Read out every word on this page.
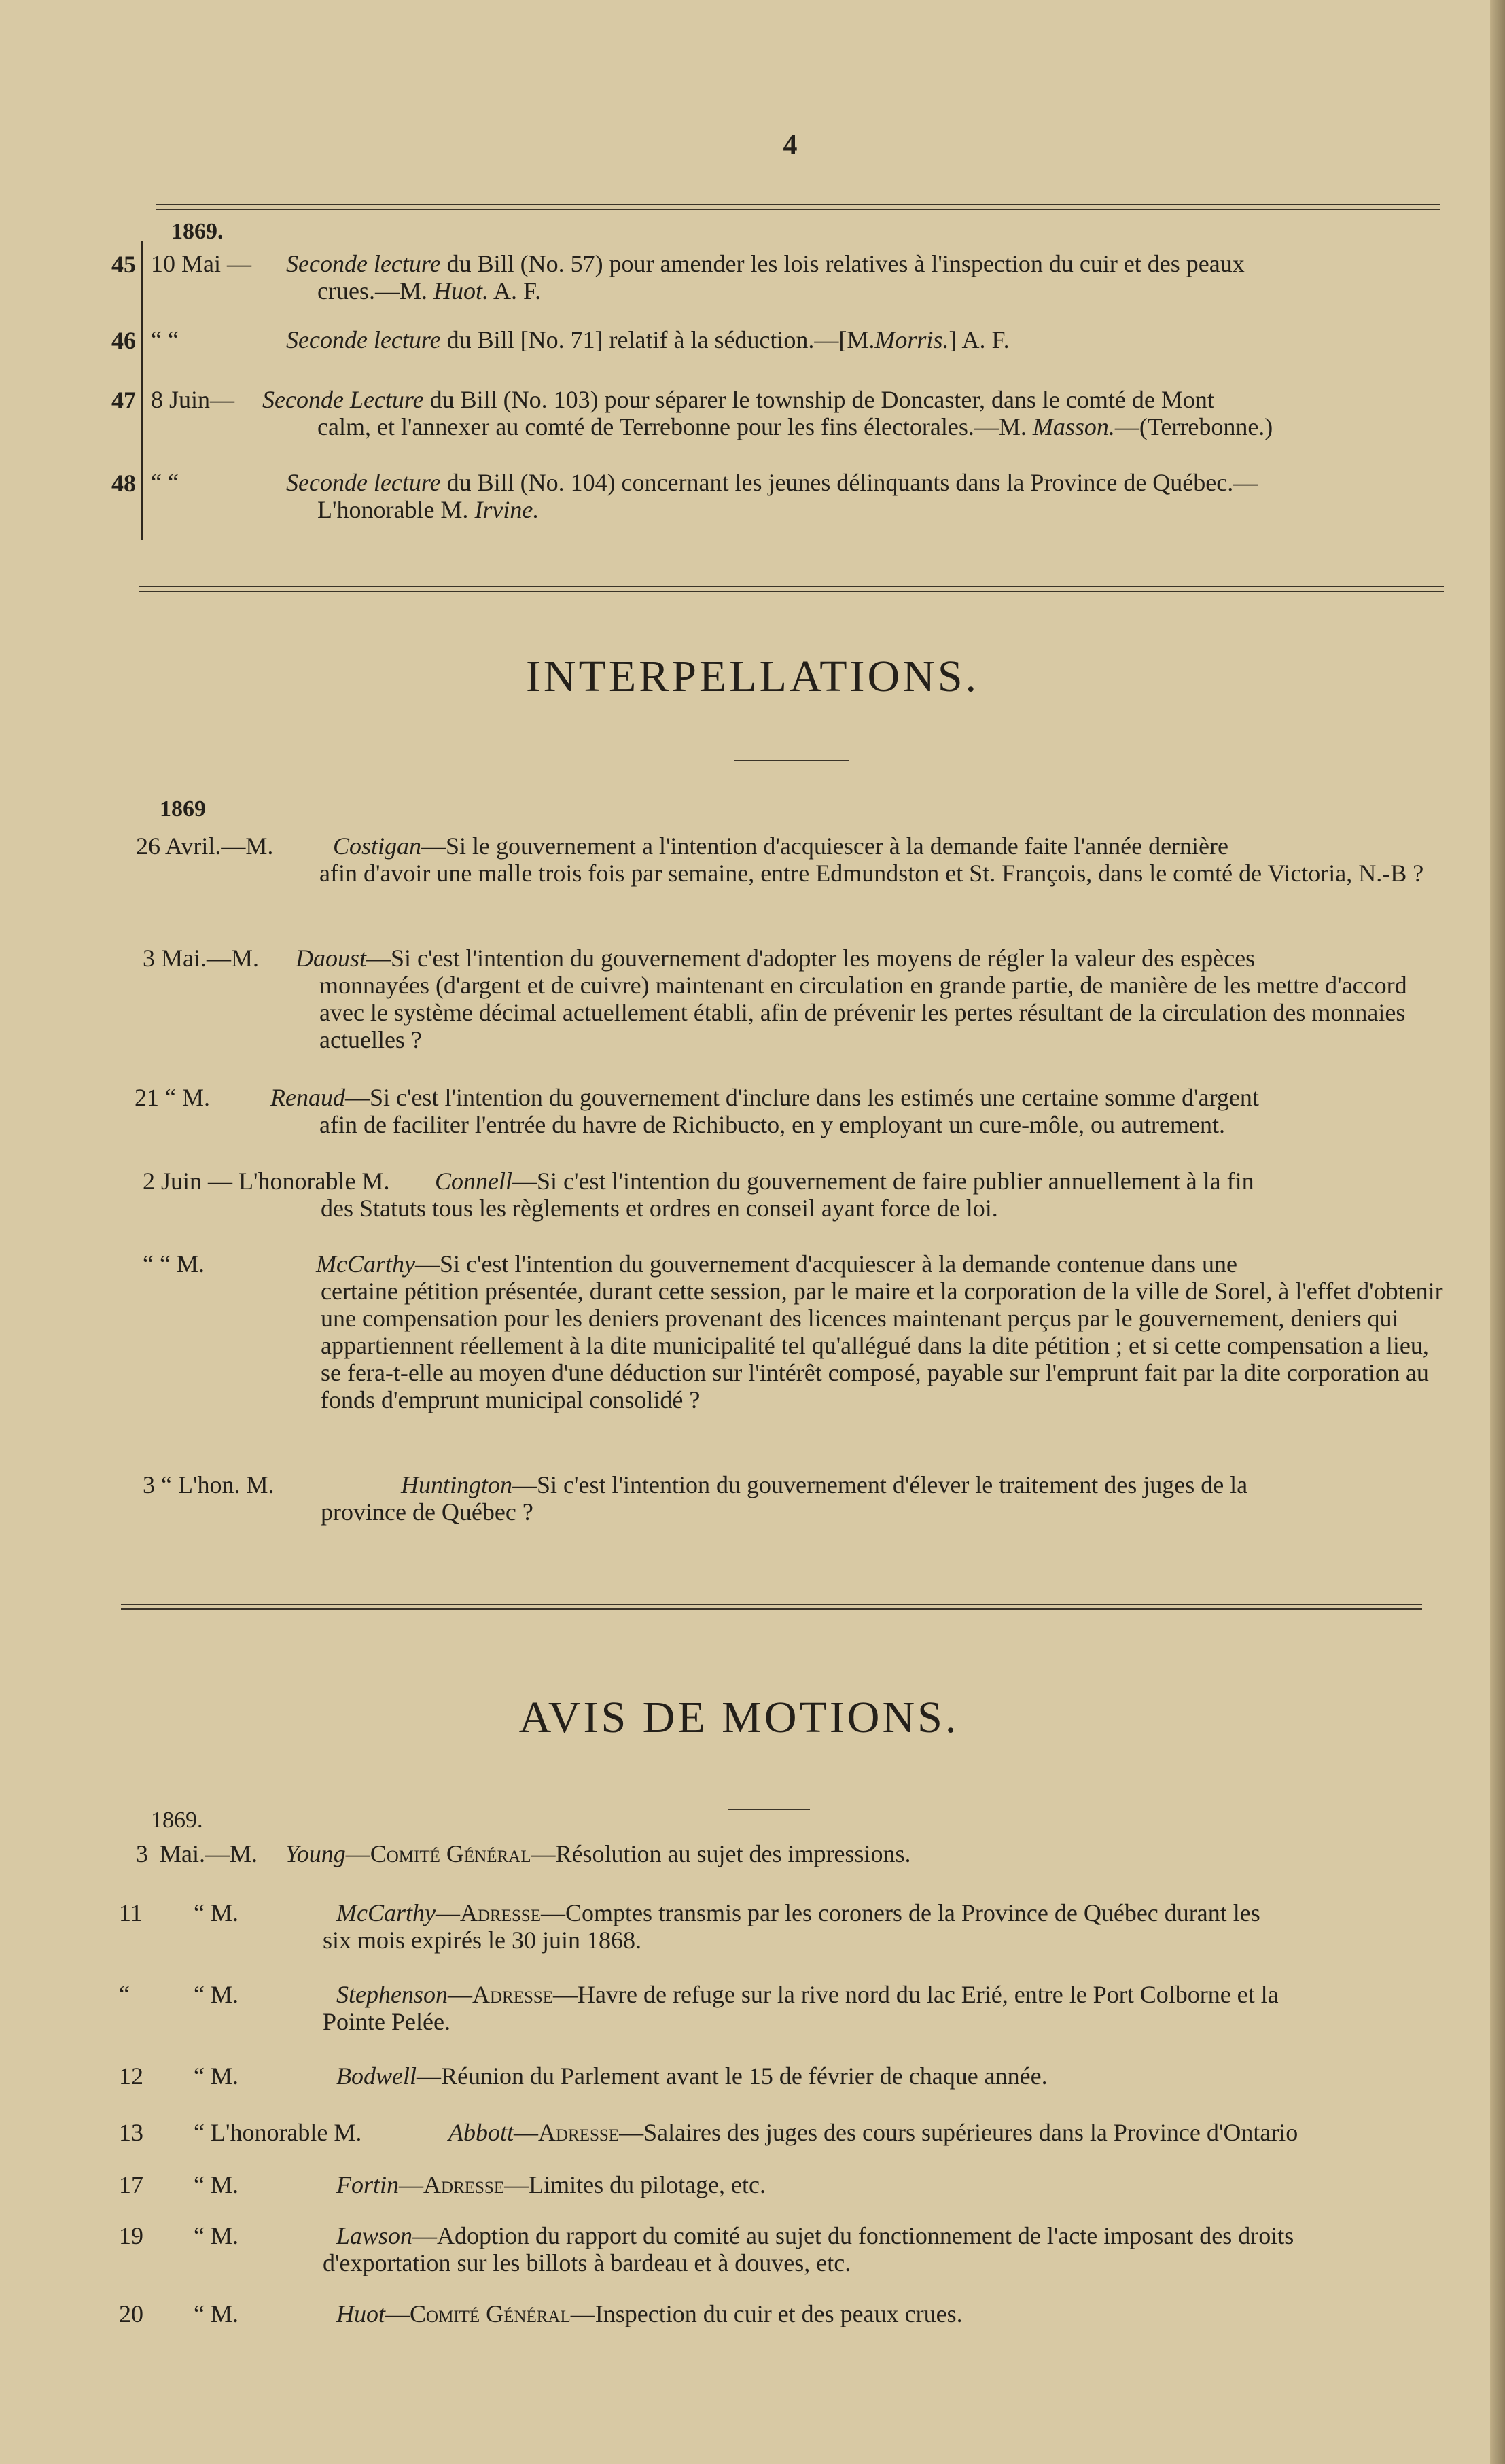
4
1869.
45 10 Mai — Seconde lecture du Bill (No. 57) pour amender les lois relatives à l'inspection du cuir et des peaux
crues.—M. Huot. A. F.
46 “ “	Seconde lecture du Bill [No. 71] relatif à la séduction.—[M.Morris.] A. F.
47 8 Juin— Seconde Lecture du Bill (No. 103) pour séparer le township de Doncaster, dans le comté de Mont
calm, et l'annexer au comté de Terrebonne pour les fins électorales.—M. Masson.—(Terrebonne.)
48 “ “	Seconde lecture du Bill (No. 104) concernant les jeunes délinquants dans la Province de Québec.—
L'honorable M. Irvine.
INTERPELLATIONS.
1869
26 Avril.—M. Costigan—Si le gouvernement a l'intention d'acquiescer à la demande faite l'année dernière
afin d'avoir une malle trois fois par semaine, entre Edmundston et St. François, dans le comté de Victoria, N.-B ?
3 Mai.—M. Daoust—Si c'est l'intention du gouvernement d'adopter les moyens de régler la valeur des espèces
monnayées (d'argent et de cuivre) maintenant en circulation en grande partie, de manière de les mettre d'accord avec le système décimal actuellement établi, afin de prévenir les pertes résultant de la circulation des monnaies actuelles ?
21 “ M. Renaud—Si c'est l'intention du gouvernement d'inclure dans les estimés une certaine somme d'argent
afin de faciliter l'entrée du havre de Richibucto, en y employant un cure-môle, ou autrement.
2 Juin — L'honorable M. Connell—Si c'est l'intention du gouvernement de faire publier annuellement à la fin
des Statuts tous les règlements et ordres en conseil ayant force de loi.
“ “ M.	McCarthy—Si c'est l'intention du gouvernement d'acquiescer à la demande contenue dans une
certaine pétition présentée, durant cette session, par le maire et la corporation de la ville de Sorel, à l'effet d'obtenir une compensation pour les deniers provenant des licences maintenant perçus par le gouvernement, deniers qui appartiennent réellement à la dite municipalité tel qu'allégué dans la dite pétition ; et si cette compensation a lieu, se fera-t-elle au moyen d'une déduction sur l'intérêt composé, payable sur l'emprunt fait par la dite corporation au fonds d'emprunt municipal consolidé ?
3 “ L'hon. M.	Huntington—Si c'est l'intention du gouvernement d'élever le traitement des juges de la
province de Québec ?
AVIS DE MOTIONS.
1869.
3 Mai.—M. Young—Comité Général—Résolution au sujet des impressions.
11 “ M.	McCarthy—Adresse—Comptes transmis par les coroners de la Province de Québec durant les
six mois expirés le 30 juin 1868.
“	“ M.	Stephenson—Adresse—Havre de refuge sur la rive nord du lac Erié, entre le Port Colborne et la
Pointe Pelée.
12 “ M.	Bodwell—Réunion du Parlement avant le 15 de février de chaque année.
13 “ L'honorable M.	Abbott—Adresse—Salaires des juges des cours supérieures dans la Province d'Ontario
17 “ M.	Fortin—Adresse—Limites du pilotage, etc.
19 “ M.	Lawson—Adoption du rapport du comité au sujet du fonctionnement de l'acte imposant des droits
d'exportation sur les billots à bardeau et à douves, etc.
20 “ M.	Huot—Comité Général—Inspection du cuir et des peaux crues.
